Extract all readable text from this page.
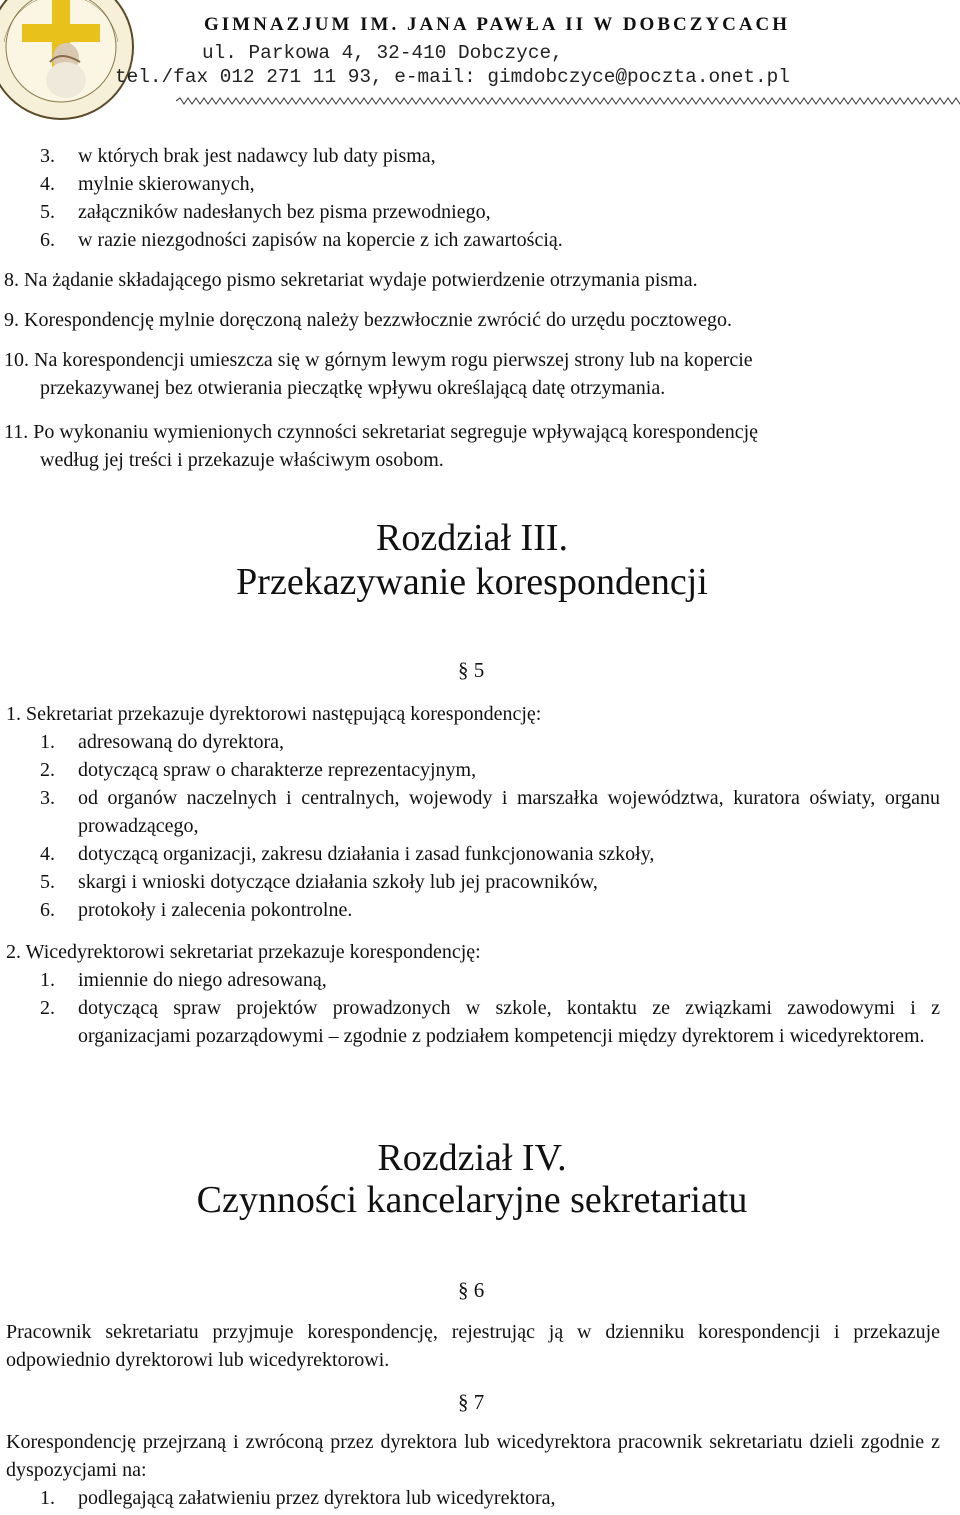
GIMNAZJUM IM. JANA PAWŁA II W DOBCZYCACH
ul. Parkowa 4, 32-410 Dobczyce,
tel./fax 012 271 11 93, e-mail: gimdobczyce@poczta.onet.pl
3.	w których brak jest nadawcy lub daty pisma,
4.	mylnie skierowanych,
5.	załączników nadesłanych bez pisma przewodniego,
6.	w razie niezgodności zapisów na kopercie z ich zawartością.
8. Na żądanie składającego pismo sekretariat wydaje potwierdzenie otrzymania pisma.
9. Korespondencję mylnie doręczoną należy bezzwłocznie zwrócić do urzędu pocztowego.
10. Na korespondencji umieszcza się w górnym lewym rogu pierwszej strony lub na kopercie
przekazywanej bez otwierania pieczątkę wpływu określającą datę otrzymania.
11. Po wykonaniu wymienionych czynności sekretariat segreguje wpływającą korespondencję
według jej treści i przekazuje właściwym osobom.
Rozdział III.
Przekazywanie korespondencji
§ 5
1. Sekretariat przekazuje dyrektorowi następującą korespondencję:
1.	adresowaną do dyrektora,
2.	dotyczącą spraw o charakterze reprezentacyjnym,
3.	od organów naczelnych i centralnych, wojewody i marszałka województwa, kuratora oświaty, organu prowadzącego,
4.	dotyczącą organizacji, zakresu działania i zasad funkcjonowania szkoły,
5.	skargi i wnioski dotyczące działania szkoły lub jej pracowników,
6.	protokoły i zalecenia pokontrolne.
2. Wicedyrektorowi sekretariat przekazuje korespondencję:
1.	imiennie do niego adresowaną,
2.	dotyczącą spraw projektów prowadzonych w szkole, kontaktu ze związkami zawodowymi i z organizacjami pozarządowymi – zgodnie z podziałem kompetencji między dyrektorem i wicedyrektorem.
Rozdział IV.
Czynności kancelaryjne sekretariatu
§ 6
Pracownik sekretariatu przyjmuje korespondencję, rejestrując ją w dzienniku korespondencji i przekazuje odpowiednio dyrektorowi lub wicedyrektorowi.
§ 7
Korespondencję przejrzaną i zwróconą przez dyrektora lub wicedyrektora pracownik sekretariatu dzieli zgodnie z dyspozycjami na:
1.	podlegającą załatwieniu przez dyrektora lub wicedyrektora,
